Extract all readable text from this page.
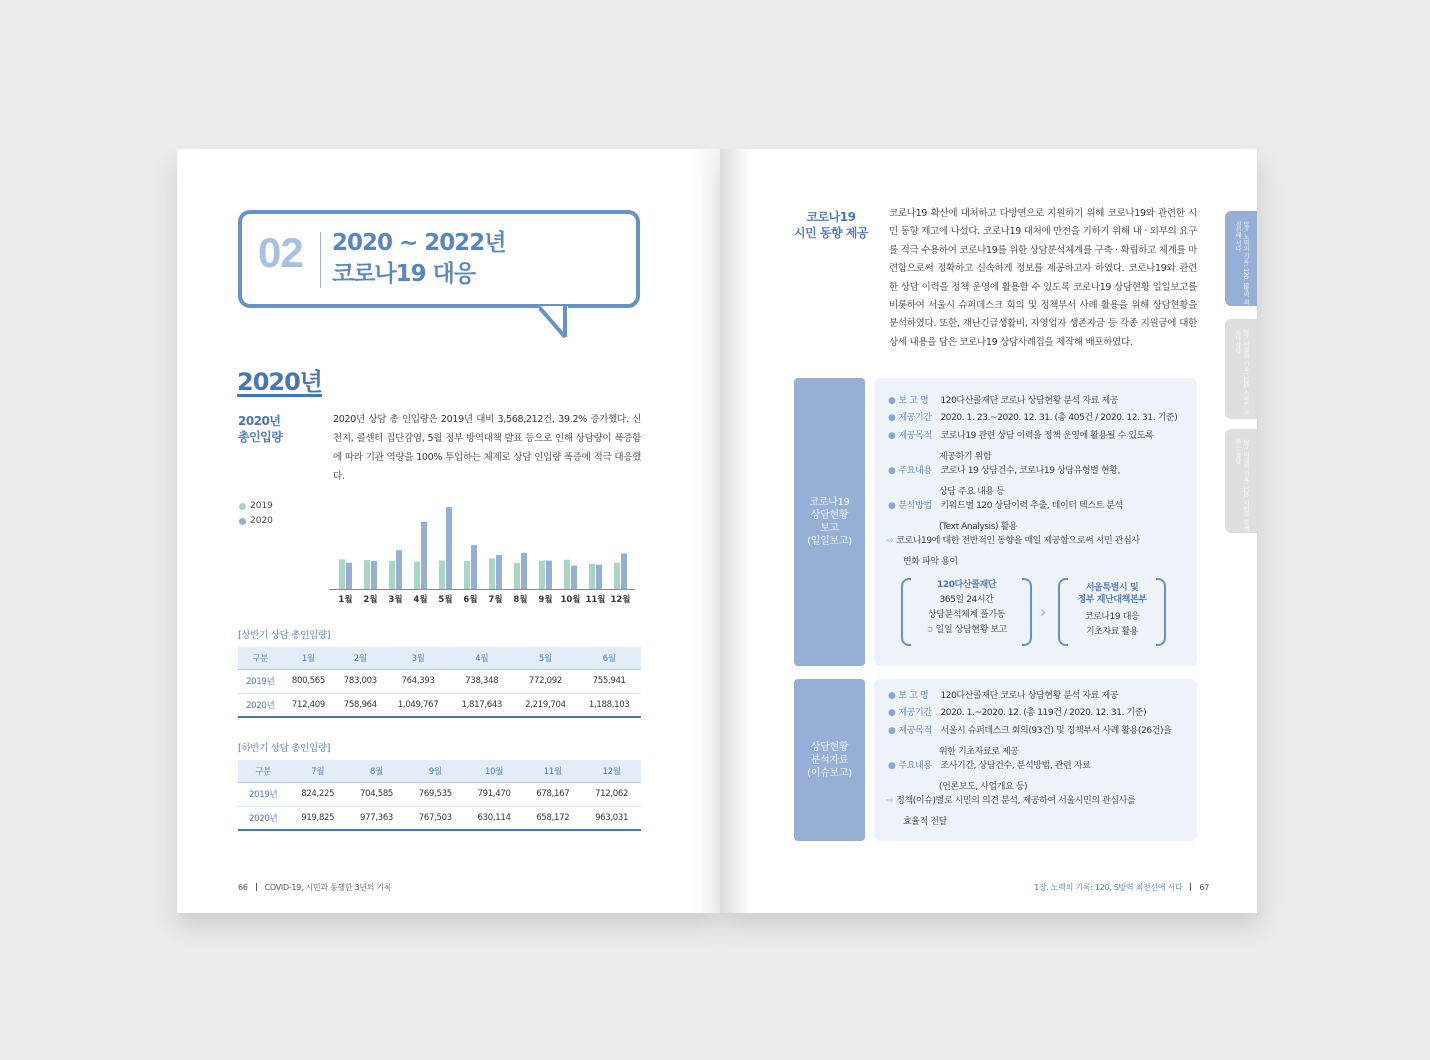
02 2020 ~ 2022년
코로나19 대응
2020년
2020년
총인입량
2020년 상담 총 인입량은 2019년 대비 3,568,212건, 39.2% 증가했다. 신천지, 콜센터 집단감염, 5월 정부 방역대책 발표 등으로 인해 상담량이 폭증함에 따라 기관 역량을 100% 투입하는 체제로 상담 인입량 폭증에 적극 대응했다.
2019
2020
1월 2월 3월 4월 5월 6월 7월 8월 9월 10월 11월 12월
[상반기 상담 총인입량]
구분	1월	2월	3월	4월	5월	6월
2019년	800,565	783,003	764,393	738,348	772,092	755,941
2020년	712,409	758,964	1,049,767	1,817,643	2,219,704	1,188,103
[하반기 상담 총인입량]
구분	7월	8월	9월	10월	11월	12월
2019년	824,225	704,585	769,535	791,470	678,167	712,062
2020년	919,825	977,363	767,503	630,114	658,172	963,031
66 COVID-19, 시민과 동행한 3년의 기록
코로나19
시민 동향 제공
코로나19 확산에 대처하고 다방면으로 지원하기 위해 코로나19와 관련한 시민 동향 제고에 나섰다. 코로나19 대처에 만전을 기하기 위해 내 · 외부의 요구를 적극 수용하여 코로나19를 위한 상담분석체계를 구축 · 확립하고 체계를 마련함으로써 정확하고 신속하게 정보를 제공하고자 하였다. 코로나19와 관련한 상담 이력을 정책 운영에 활용할 수 있도록 코로나19 상담현황 일일보고를 비롯하여 서울시 슈퍼데스크 회의 및 정책부서 사례 활용을 위해 상담현황을 분석하였다. 또한, 재난긴급생활비, 자영업자 생존자금 등 각종 지원금에 대한 상세 내용을 담은 코로나19 상담사례집을 제작해 배포하였다.
1장. 노력의 기록: 120, S방역 최전선에 서다
2장. 변화의 기록: 120, 스마트 코로나 상담
3장. 미래의 기록: 120, 시민과 함께 하는 상담
코로나19
상담현황
보고
(일일보고)
● 보 고 명 120다산콜재단 코로나 상담현황 분석 자료 제공
● 제공기간 2020. 1. 23.~2020. 12. 31. (총 405건 / 2020. 12. 31. 기준)
● 제공목적 코로나19 관련 상담 이력을 정책 운영에 활용될 수 있도록
제공하기 위함
● 주요내용 코로나 19 상담건수, 코로나19 상담유형별 현황,
상담 주요 내용 등
● 분석방법 키워드별 120 상담이력 추출, 데이터 텍스트 분석
(Text Analysis) 활용
⇨ 코로나19에 대한 전반적인 동향을 매일 제공함으로써 시민 관심사
변화 파악 용이
120다산콜재단
365일 24시간
상담분석체계 풀가동
➲ 일일 상담현황 보고
›
서울특별시 및
정부 재난대책본부
코로나19 대응
기초자료 활용
상담현황
분석자료
(이슈보고)
● 보 고 명 120다산콜재단 코로나 상담현황 분석 자료 제공
● 제공기간 2020. 1.~2020. 12. (총 119건 / 2020. 12. 31. 기준)
● 제공목적 서울시 슈퍼데스크 회의(93건) 및 정책부서 사례 활용(26건)을
위한 기초자료로 제공
● 주요내용 조사기간, 상담건수, 분석방법, 관련 자료
(언론보도, 사업개요 등)
⇨ 정책(이슈)별로 시민의 의견 분석, 제공하여 서울시민의 관심사를
효율적 전달
1장. 노력의 기록: 120, S방역 최전선에 서다 67
